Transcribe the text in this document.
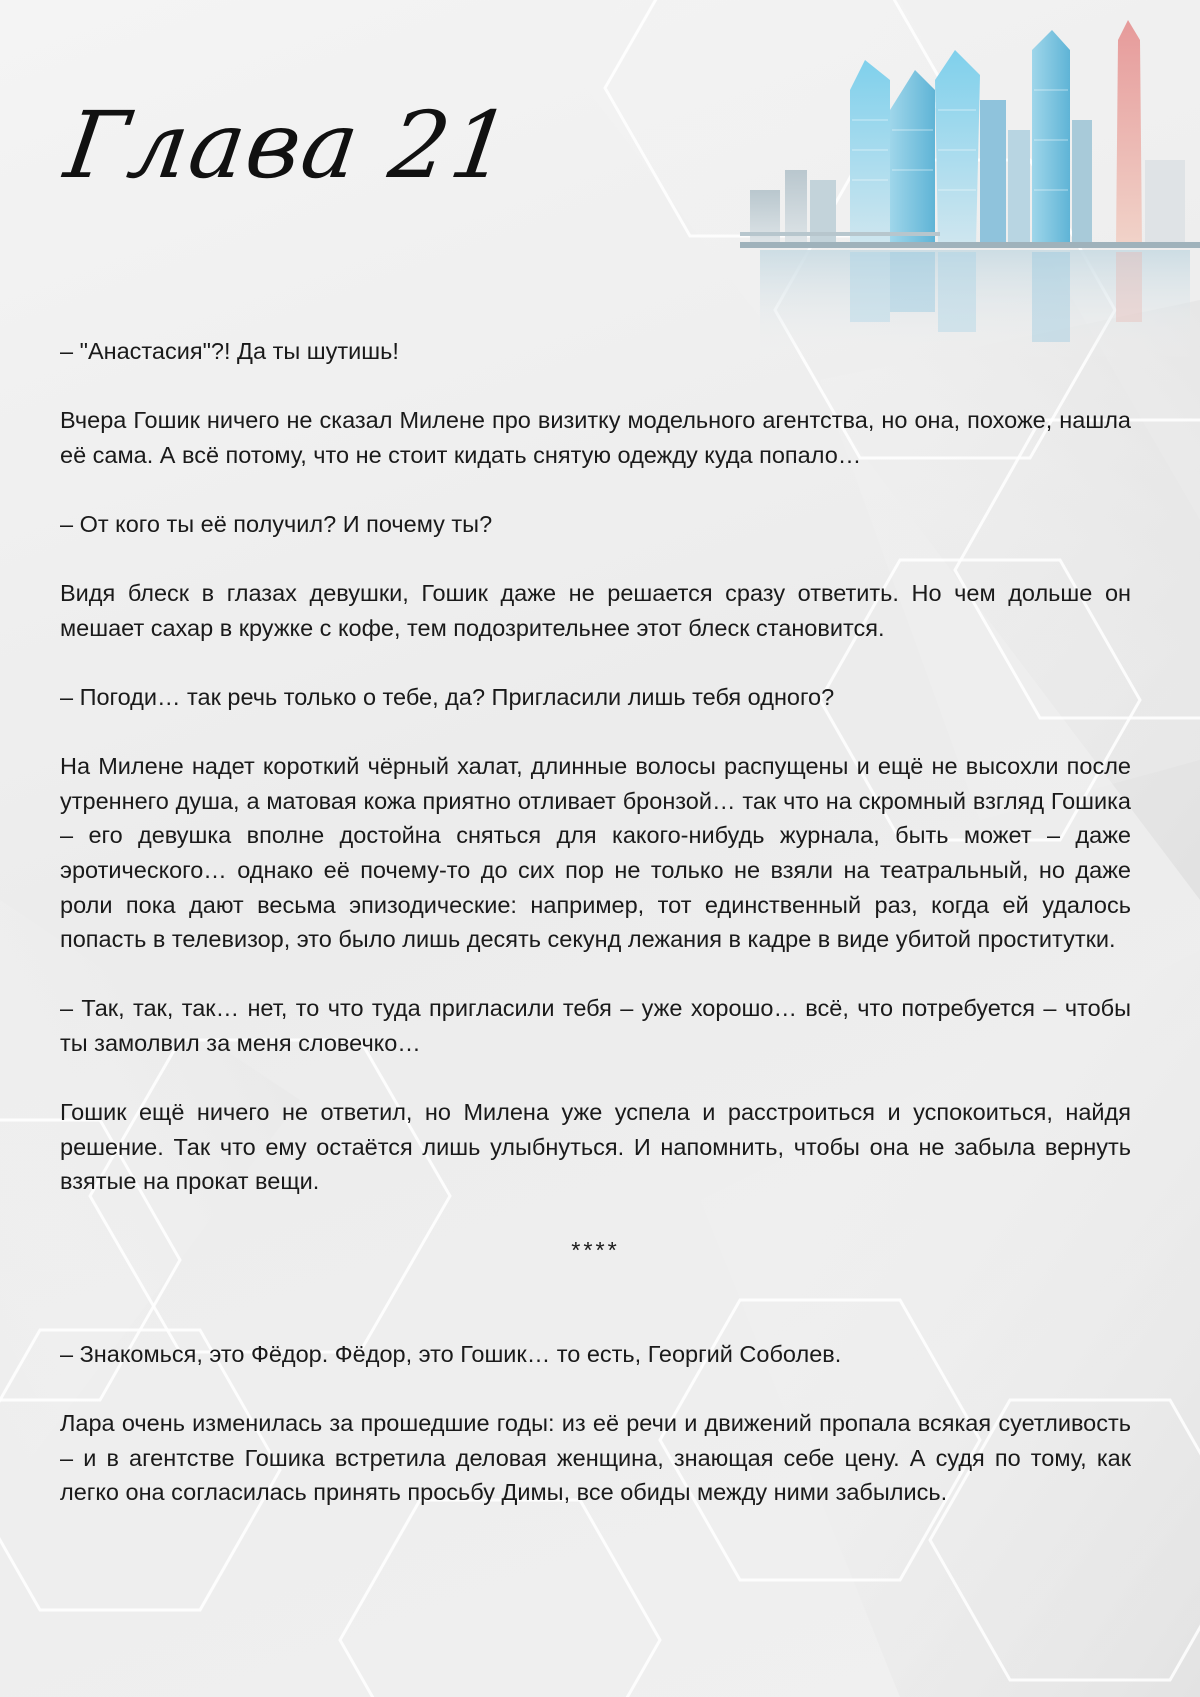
Глава 21

– "Анастасия"?! Да ты шутишь!

Вчера Гошик ничего не сказал Милене про визитку модельного агентства, но она, похоже, нашла её сама. А всё потому, что не стоит кидать снятую одежду куда попало…

– От кого ты её получил? И почему ты?

Видя блеск в глазах девушки, Гошик даже не решается сразу ответить. Но чем дольше он мешает сахар в кружке с кофе, тем подозрительнее этот блеск становится.

– Погоди… так речь только о тебе, да? Пригласили лишь тебя одного?

На Милене надет короткий чёрный халат, длинные волосы распущены и ещё не высохли после утреннего душа, а матовая кожа приятно отливает бронзой… так что на скромный взгляд Гошика – его девушка вполне достойна сняться для какого-нибудь журнала, быть может – даже эротического… однако её почему-то до сих пор не только не взяли на театральный, но даже роли пока дают весьма эпизодические: например, тот единственный раз, когда ей удалось попасть в телевизор, это было лишь десять секунд лежания в кадре в виде убитой проститутки.

– Так, так, так… нет, то что туда пригласили тебя – уже хорошо… всё, что потребуется – чтобы ты замолвил за меня словечко…

Гошик ещё ничего не ответил, но Милена уже успела и расстроиться и успокоиться, найдя решение. Так что ему остаётся лишь улыбнуться. И напомнить, чтобы она не забыла вернуть взятые на прокат вещи.

****

– Знакомься, это Фёдор. Фёдор, это Гошик… то есть, Георгий Соболев.

Лара очень изменилась за прошедшие годы: из её речи и движений пропала всякая суетливость – и в агентстве Гошика встретила деловая женщина, знающая себе цену. А судя по тому, как легко она согласилась принять просьбу Димы, все обиды между ними забылись.
